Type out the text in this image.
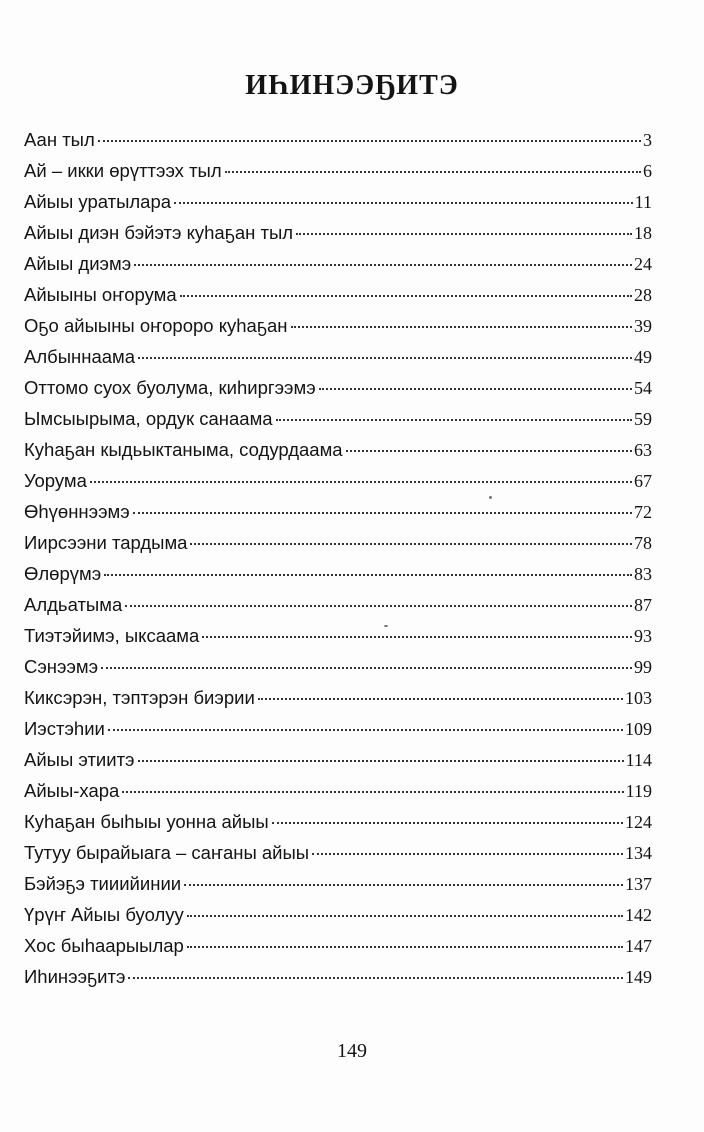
ИҺИНЭЭҔИТЭ
Аан тыл	3
Ай – икки өрүттээх тыл	6
Айыы уратылара	11
Айыы диэн бэйэтэ куһаҕан тыл	18
Айыы диэмэ	24
Айыыны оҥорума	28
Оҕо айыыны оҥороро куһаҕан	39
Албыннаама	49
Оттомо суох буолума, киһиргээмэ	54
Ымсыырыма, ордук санаама	59
Куһаҕан кыдьыктаныма, содурдаама	63
Уорума	67
Өһүөннээмэ	72
Иирсээни тардыма	78
Өлөрүмэ	83
Алдьатыма	87
Тиэтэйимэ, ыксаама	93
Сэнээмэ	99
Киксэрэн, тэптэрэн биэрии	103
Иэстэһии	109
Айыы этиитэ	114
Айыы-хара	119
Куһаҕан быһыы уонна айыы	124
Тутуу бырайыага – саҥаны айыы	134
Бэйэҕэ тииийинии	137
Үрүҥ Айыы буолуу	142
Хос быһаарыылар	147
Иһинээҕитэ	149
149
